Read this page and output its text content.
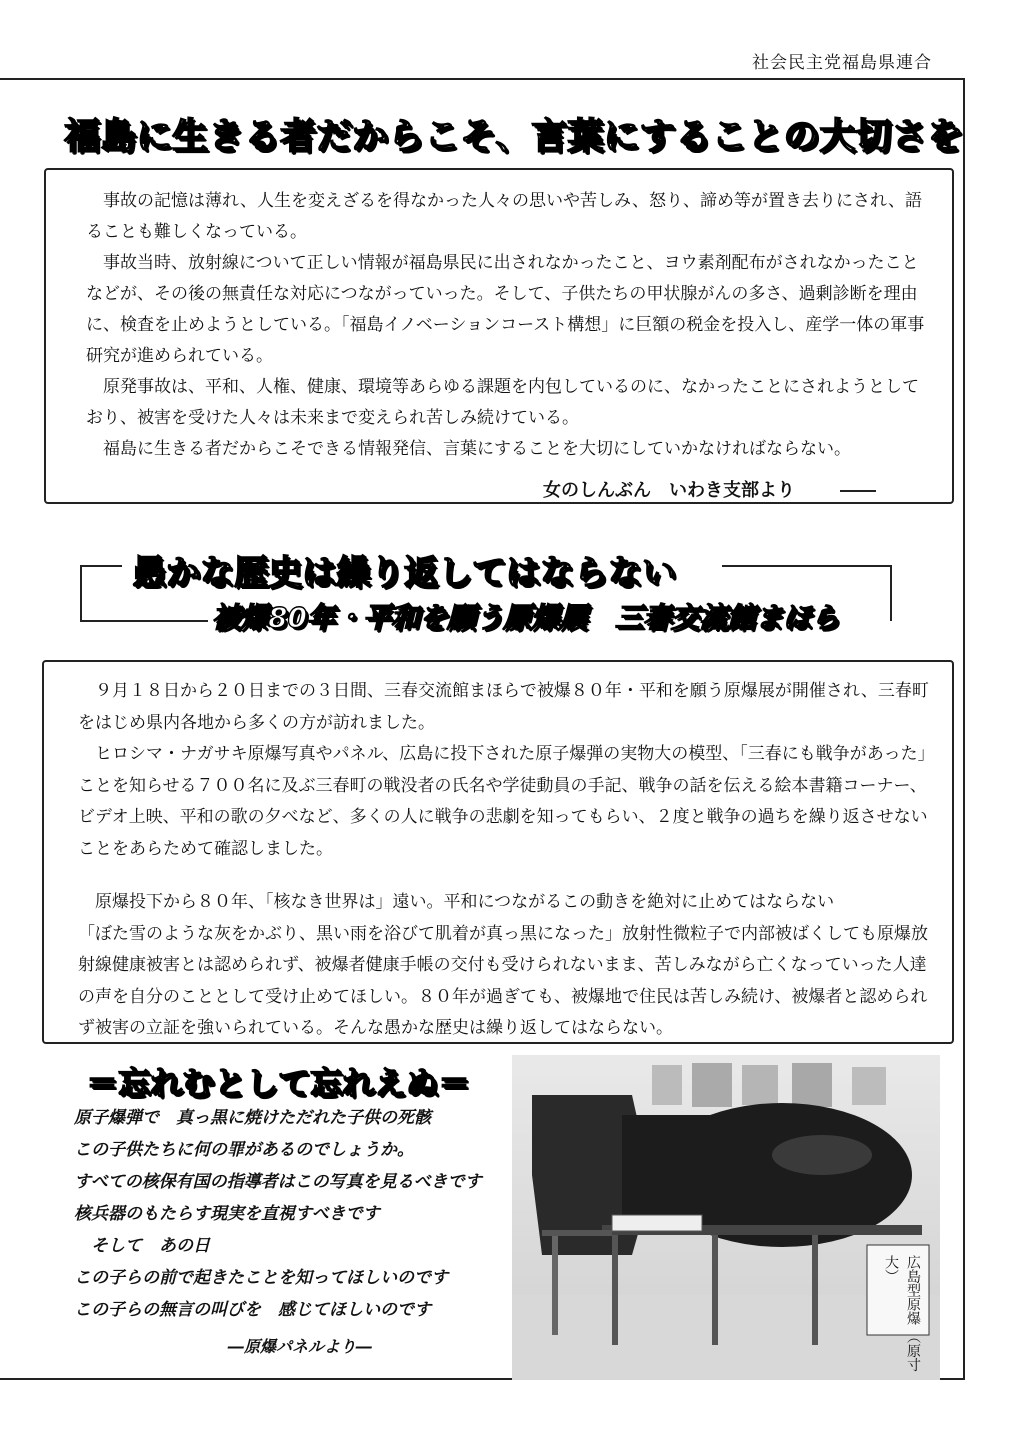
社会民主党福島県連合
福島に生きる者だからこそ、言葉にすることの大切さを

事故の記憶は薄れ、人生を変えざるを得なかった人々の思いや苦しみ、怒り、諦め等が置き去りにされ、語ることも難しくなっている。

事故当時、放射線について正しい情報が福島県民に出されなかったこと、ヨウ素剤配布がされなかったことなどが、その後の無責任な対応につながっていった。そして、子供たちの甲状腺がんの多さ、過剰診断を理由に、検査を止めようとしている。「福島イノベーションコースト構想」に巨額の税金を投入し、産学一体の軍事研究が進められている。

原発事故は、平和、人権、健康、環境等あらゆる課題を内包しているのに、なかったことにされようとしており、被害を受けた人々は未来まで変えられ苦しみ続けている。

福島に生きる者だからこそできる情報発信、言葉にすることを大切にしていかなければならない。

女のしんぶん　いわき支部より
愚かな歴史は繰り返してはならない
被爆80年・平和を願う原爆展　三春交流館まほら

９月１８日から２０日までの３日間、三春交流館まほらで被爆８０年・平和を願う原爆展が開催され、三春町をはじめ県内各地から多くの方が訪れました。

ヒロシマ・ナガサキ原爆写真やパネル、広島に投下された原子爆弾の実物大の模型、「三春にも戦争があった」ことを知らせる７００名に及ぶ三春町の戦没者の氏名や学徒動員の手記、戦争の話を伝える絵本書籍コーナー、ビデオ上映、平和の歌の夕べなど、多くの人に戦争の悲劇を知ってもらい、２度と戦争の過ちを繰り返させないことをあらためて確認しました。

原爆投下から８０年、「核なき世界は」遠い。平和につながるこの動きを絶対に止めてはならない

「ぼた雪のような灰をかぶり、黒い雨を浴びて肌着が真っ黒になった」放射性微粒子で内部被ばくしても原爆放射線健康被害とは認められず、被爆者健康手帳の交付も受けられないまま、苦しみながら亡くなっていった人達の声を自分のこととして受け止めてほしい。８０年が過ぎても、被爆地で住民は苦しみ続け、被爆者と認められず被害の立証を強いられている。そんな愚かな歴史は繰り返してはならない。

＝忘れむとして忘れえぬ＝
原子爆弾で　真っ黒に焼けただれた子供の死骸
この子供たちに何の罪があるのでしょうか。
すべての核保有国の指導者はこの写真を見るべきです
核兵器のもたらす現実を直視すべきです
　そして　あの日
この子らの前で起きたことを知ってほしいのです
この子らの無言の叫びを　感じてほしいのです
―原爆パネルより―
広島型原爆 （原寸大）
